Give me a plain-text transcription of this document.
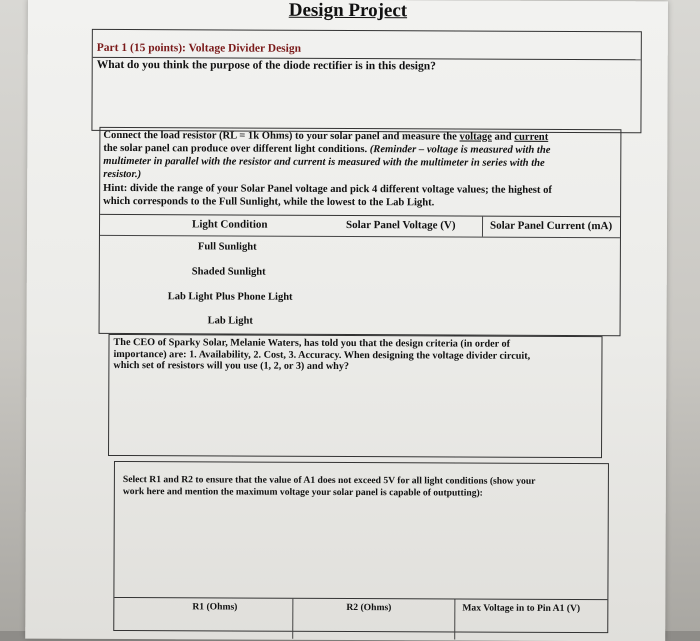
Design Project
Part 1 (15 points): Voltage Divider Design
What do you think the purpose of the diode rectifier is in this design?
Connect the load resistor (RL = 1k Ohms) to your solar panel and measure the voltage and current
the solar panel can produce over different light conditions. (Reminder – voltage is measured with the
multimeter in parallel with the resistor and current is measured with the multimeter in series with the
resistor.)
Hint: divide the range of your Solar Panel voltage and pick 4 different voltage values; the highest of
which corresponds to the Full Sunlight, while the lowest to the Lab Light.
Light Condition	Solar Panel Voltage (V)	Solar Panel Current (mA)
Full Sunlight
Shaded Sunlight
Lab Light Plus Phone Light
Lab Light
The CEO of Sparky Solar, Melanie Waters, has told you that the design criteria (in order of
importance) are: 1. Availability, 2. Cost, 3. Accuracy. When designing the voltage divider circuit,
which set of resistors will you use (1, 2, or 3) and why?
Select R1 and R2 to ensure that the value of A1 does not exceed 5V for all light conditions (show your
work here and mention the maximum voltage your solar panel is capable of outputting):
R1 (Ohms)	R2 (Ohms)	Max Voltage in to Pin A1 (V)
